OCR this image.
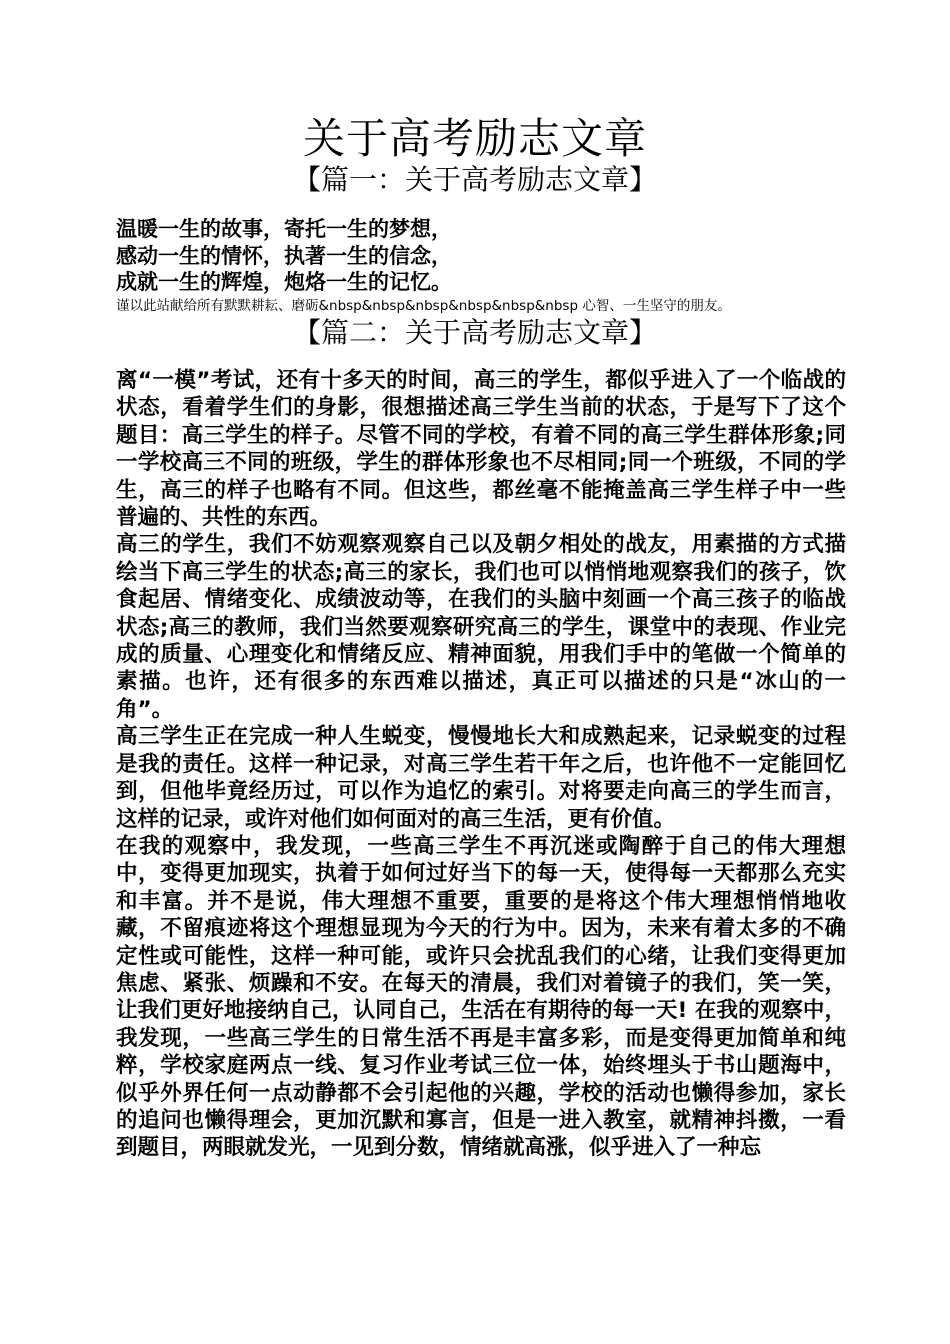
关于高考励志文章
【篇一：关于高考励志文章】
温暖一生的故事，寄托一生的梦想，
感动一生的情怀，执著一生的信念，
成就一生的辉煌，炮烙一生的记忆。
谨以此站献给所有默默耕耘、磨砺&nbsp&nbsp&nbsp&nbsp&nbsp&nbsp 心智、一生坚守的朋友。
【篇二：关于高考励志文章】

离“一模”考试，还有十多天的时间，高三的学生，都似乎进入了一个临战的状态，看着学生们的身影，很想描述高三学生当前的状态，于是写下了这个题目：高三学生的样子。尽管不同的学校，有着不同的高三学生群体形象;同一学校高三不同的班级，学生的群体形象也不尽相同;同一个班级，不同的学生，高三的样子也略有不同。但这些，都丝毫不能掩盖高三学生样子中一些普遍的、共性的东西。

高三的学生，我们不妨观察观察自己以及朝夕相处的战友，用素描的方式描绘当下高三学生的状态;高三的家长，我们也可以悄悄地观察我们的孩子，饮食起居、情绪变化、成绩波动等，在我们的头脑中刻画一个高三孩子的临战状态;高三的教师，我们当然要观察研究高三的学生，课堂中的表现、作业完成的质量、心理变化和情绪反应、精神面貌，用我们手中的笔做一个简单的素描。也许，还有很多的东西难以描述，真正可以描述的只是“冰山的一角”。

高三学生正在完成一种人生蜕变，慢慢地长大和成熟起来，记录蜕变的过程是我的责任。这样一种记录，对高三学生若干年之后，也许他不一定能回忆到，但他毕竟经历过，可以作为追忆的索引。对将要走向高三的学生而言，这样的记录，或许对他们如何面对的高三生活，更有价值。

在我的观察中，我发现，一些高三学生不再沉迷或陶醉于自己的伟大理想中，变得更加现实，执着于如何过好当下的每一天，使得每一天都那么充实和丰富。并不是说，伟大理想不重要，重要的是将这个伟大理想悄悄地收藏，不留痕迹将这个理想显现为今天的行为中。因为，未来有着太多的不确定性或可能性，这样一种可能，或许只会扰乱我们的心绪，让我们变得更加焦虑、紧张、烦躁和不安。在每天的清晨，我们对着镜子的我们，笑一笑，让我们更好地接纳自己，认同自己，生活在有期待的每一天! 在我的观察中，我发现，一些高三学生的日常生活不再是丰富多彩，而是变得更加简单和纯粹，学校家庭两点一线、复习作业考试三位一体，始终埋头于书山题海中，似乎外界任何一点动静都不会引起他的兴趣，学校的活动也懒得参加，家长的追问也懒得理会，更加沉默和寡言，但是一进入教室，就精神抖擞，一看到题目，两眼就发光，一见到分数，情绪就高涨，似乎进入了一种忘
